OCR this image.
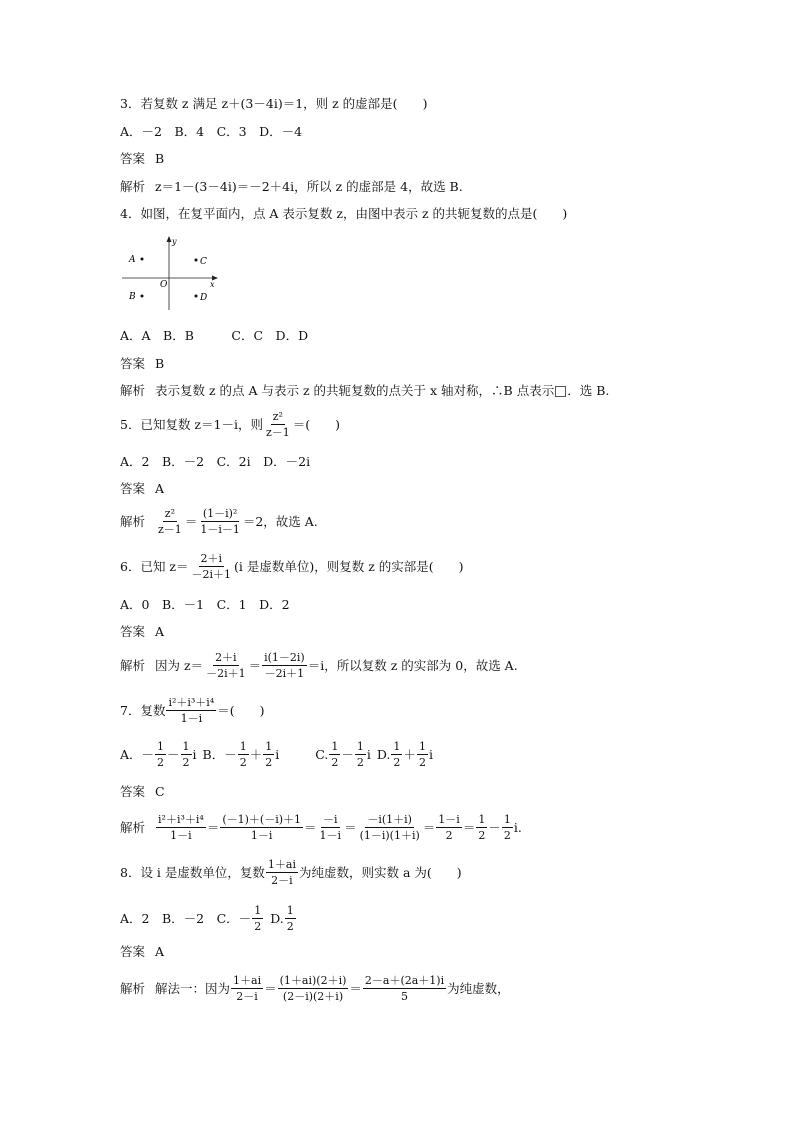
3．若复数 z 满足 z＋(3－4i)＝1，则 z 的虚部是(　　)
A．－2　B．4　C．3　D．－4
答案 B
解析 z＝1－(3－4i)＝－2＋4i，所以 z 的虚部是 4，故选 B.
4．如图，在复平面内，点 A 表示复数 z，由图中表示 z 的共轭复数的点是(　　)
y
x
O
A	C
B	D
A．A　B．B　　　C．C　D．D
答案 B
解析 表示复数 z 的点 A 与表示 z 的共轭复数的点关于 x 轴对称，∴B 点表示 ．选 B.
5．已知复数 z＝1－i，则 $\frac{\text{z²}}{z-1}$ ＝(　　)
A．2　B．－2　C．2i　D．－2i
答案 A
解析 $\frac{\text{z²}}{z-1} = \frac{\text{(1－i)²}}{1-i-1} =2$，故选 A.
6．已知 $z= \frac{2+i}{-2i+1} (i$ 是虚数单位)，则复数 z 的实部是(　　)
A．0　B．－1　C．1　D．2
答案 A
解析 因为 $z= \frac{2+i}{-2i+1} = \frac{i(1-2i)}{-2i+1} =i$，所以复数 z 的实部为 0，故选 A.
7．复数 $\frac{\text{i²＋i³＋i⁴}}{1-i}$ ＝(　　)
A．－ $\frac{1}{2} - \frac{1}{2}$ i B．－ $\frac{1}{2} + \frac{1}{2}$ i	C. $\frac{1}{2} - \frac{1}{2}$ i D. $\frac{1}{2} + \frac{1}{2}$ i
答案 C
解析 $\frac{\text{i²＋i³＋i⁴}}{1-i} = \frac{(-1)+(-i)+1}{1-i} = \frac{-i}{1-i} = \frac{-i(1+i)}{(1-i)(1+i)} = \frac{1-i}{2} = \frac{1}{2} - \frac{1}{2} i$.
8．设 i 是虚数单位，复数 $\frac{1+ai}{2-i}$ 为纯虚数，则实数 a 为(　　)
A．2　B．－2　C．－ $\frac{1}{2} D$. $\frac{1}{2}$
答案 A
解析 解法一：因为 $\frac{1+ai}{2-i} = \frac{(1+ai)(2+i)}{(2-i)(2+i)} = \frac{2-a+(2a+1)i}{5}$ 为纯虚数，
